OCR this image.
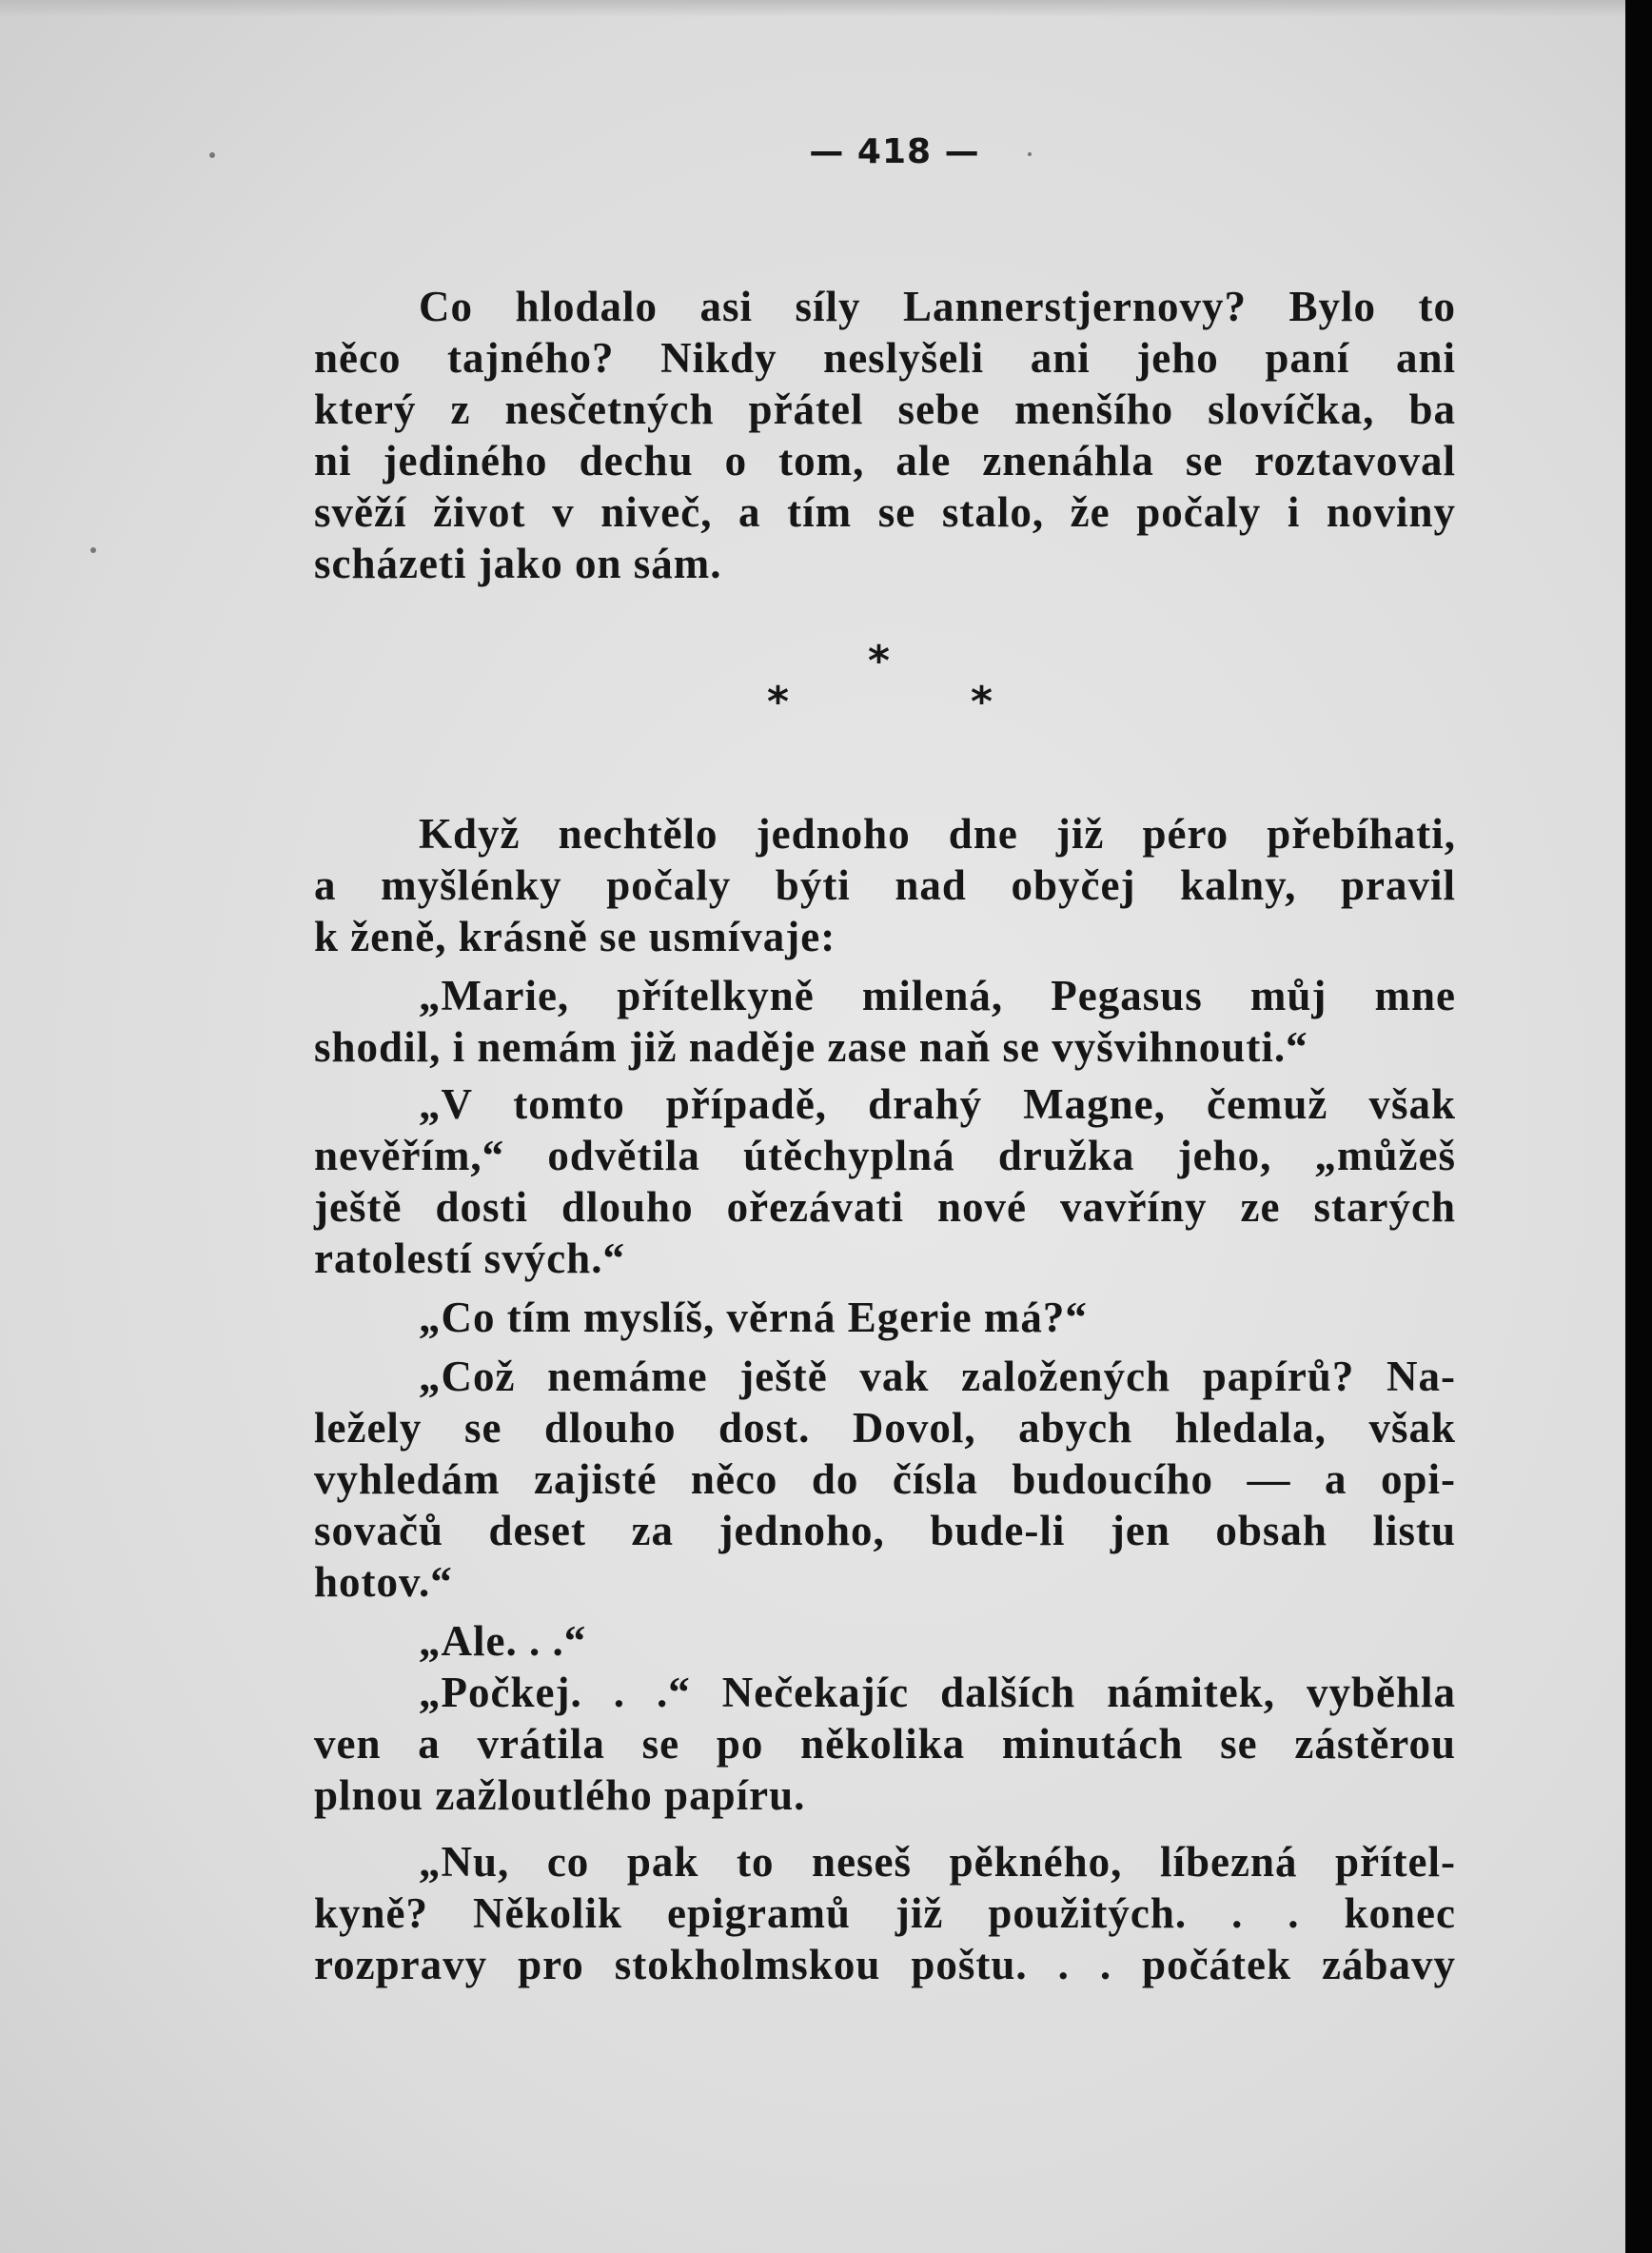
— 418 —
Co hlodalo asi síly Lannerstjernovy? Bylo to
něco tajného? Nikdy neslyšeli ani jeho paní ani
který z nesčetných přátel sebe menšího slovíčka, ba
ni jediného dechu o tom, ale znenáhla se roztavoval
svěží život v niveč, a tím se stalo, že počaly i noviny
scházeti jako on sám.
*
*	*
Když nechtělo jednoho dne již péro přebíhati,
a myšlénky počaly býti nad obyčej kalny, pravil
k ženě, krásně se usmívaje:
„Marie, přítelkyně milená, Pegasus můj mne
shodil, i nemám již naděje zase naň se vyšvihnouti.“
„V tomto případě, drahý Magne, čemuž však
nevěřím,“ odvětila útěchyplná družka jeho, „můžeš
ještě dosti dlouho ořezávati nové vavříny ze starých
ratolestí svých.“
„Co tím myslíš, věrná Egerie má?“
„Což nemáme ještě vak založených papírů? Na-
ležely se dlouho dost. Dovol, abych hledala, však
vyhledám zajisté něco do čísla budoucího — a opi-
sovačů deset za jednoho, bude-li jen obsah listu
hotov.“
„Ale. . .“
„Počkej. . .“ Nečekajíc dalších námitek, vyběhla
ven a vrátila se po několika minutách se zástěrou
plnou zažloutlého papíru.
„Nu, co pak to neseš pěkného, líbezná přítel-
kyně? Několik epigramů již použitých. . . konec
rozpravy pro stokholmskou poštu. . . počátek zábavy
